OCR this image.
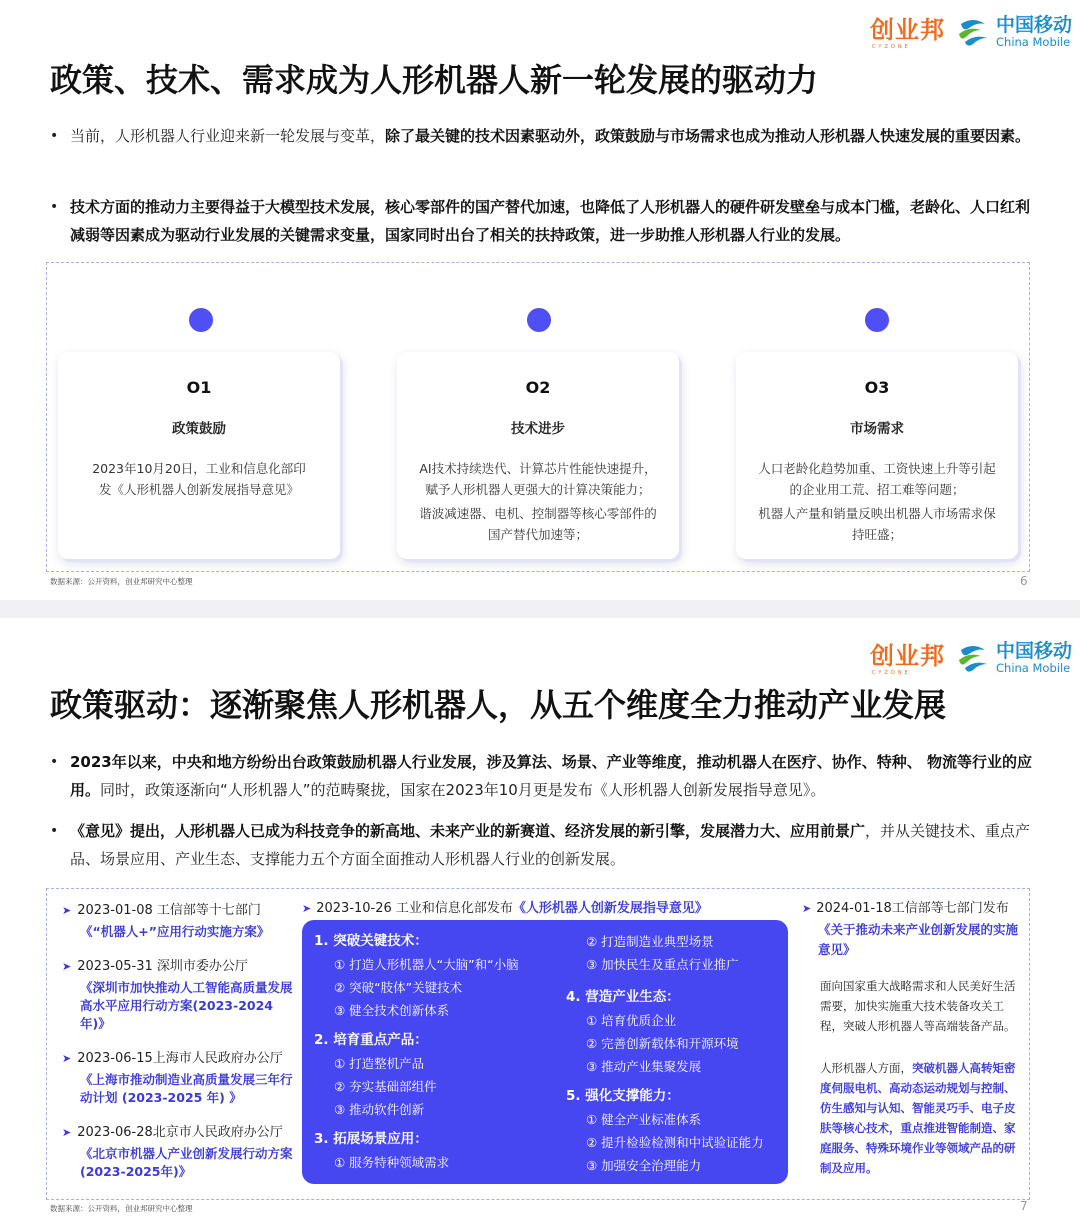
创业邦
CYZONE
中国移动
China Mobile
政策、技术、需求成为人形机器人新一轮发展的驱动力
• 当前，人形机器人行业迎来新一轮发展与变革，除了最关键的技术因素驱动外，政策鼓励与市场需求也成为推动人形机器人快速发展的重要因素。
• 技术方面的推动力主要得益于大模型技术发展，核心零部件的国产替代加速，也降低了人形机器人的硬件研发壁垒与成本门槛，老龄化、人口红利减弱等因素成为驱动行业发展的关键需求变量，国家同时出台了相关的扶持政策，进一步助推人形机器人行业的发展。
O1
政策鼓励

2023年10月20日，工业和信息化部印发《人形机器人创新发展指导意见》

O2
技术进步

AI技术持续迭代、计算芯片性能快速提升，赋予人形机器人更强大的计算决策能力；

谐波减速器、电机、控制器等核心零部件的国产替代加速等；

O3
市场需求

人口老龄化趋势加重、工资快速上升等引起的企业用工荒、招工难等问题；

机器人产量和销量反映出机器人市场需求保持旺盛；

数据来源：公开资料，创业邦研究中心整理	6
创业邦
CYZONE
中国移动
China Mobile
政策驱动：逐渐聚焦人形机器人，从五个维度全力推动产业发展
• 2023年以来，中央和地方纷纷出台政策鼓励机器人行业发展，涉及算法、场景、产业等维度，推动机器人在医疗、协作、特种、 物流等行业的应用。同时，政策逐渐向“人形机器人”的范畴聚拢，国家在2023年10月更是发布《人形机器人创新发展指导意见》。
• 《意见》提出，人形机器人已成为科技竞争的新高地、未来产业的新赛道、经济发展的新引擎，发展潜力大、应用前景广，并从关键技术、重点产品、场景应用、产业生态、支撑能力五个方面全面推动人形机器人行业的创新发展。
➤ 2023-01-08 工信部等十七部门
《“机器人+”应用行动实施方案》
➤ 2023-05-31 深圳市委办公厅
《深圳市加快推动人工智能高质量发展高水平应用行动方案(2023-2024年)》
➤ 2023-06-15上海市人民政府办公厅
《上海市推动制造业高质量发展三年行动计划 (2023-2025 年) 》
➤ 2023-06-28北京市人民政府办公厅
《北京市机器人产业创新发展行动方案(2023-2025年)》
➤ 2023-10-26 工业和信息化部发布《人形机器人创新发展指导意见》
1. 突破关键技术：
① 打造人形机器人“大脑”和“小脑
② 突破“肢体”关键技术
③ 健全技术创新体系
2. 培育重点产品：
① 打造整机产品
② 夯实基础部组件
③ 推动软件创新
3. 拓展场景应用：
① 服务特种领域需求
② 打造制造业典型场景
③ 加快民生及重点行业推广
4. 营造产业生态：
① 培育优质企业
② 完善创新载体和开源环境
③ 推动产业集聚发展
5. 强化支撑能力：
① 健全产业标准体系
② 提升检验检测和中试验证能力
③ 加强安全治理能力
➤ 2024-01-18工信部等七部门发布
《关于推动未来产业创新发展的实施意见》
面向国家重大战略需求和人民美好生活需要，加快实施重大技术装备攻关工程，突破人形机器人等高端装备产品。
人形机器人方面，突破机器人高转矩密度伺服电机、高动态运动规划与控制、仿生感知与认知、智能灵巧手、电子皮肤等核心技术，重点推进智能制造、家庭服务、特殊环境作业等领域产品的研制及应用。
数据来源：公开资料，创业邦研究中心整理	7
